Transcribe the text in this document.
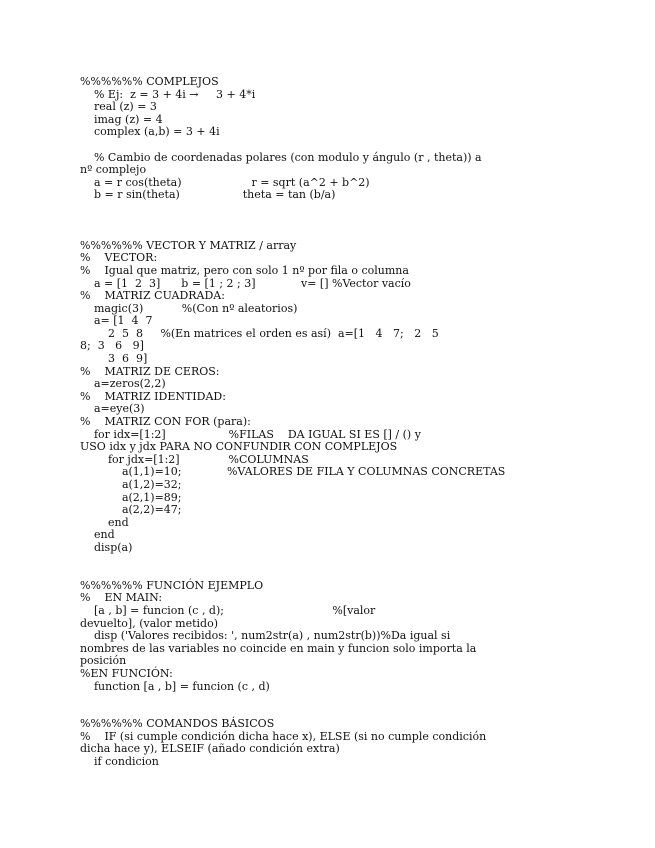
%%%%%% COMPLEJOS
% Ej:  z = 3 + 4i →     3 + 4*i
real (z) = 3
imag (z) = 4
complex (a,b) = 3 + 4i
% Cambio de coordenadas polares (con modulo y ángulo (r , theta)) a
nº complejo
a = r cos(theta)                    r = sqrt (a^2 + b^2)
b = r sin(theta)                  theta = tan (b/a)
%%%%%% VECTOR Y MATRIZ / array
%    VECTOR:
%    Igual que matriz, pero con solo 1 nº por fila o columna
a = [1  2  3]      b = [1 ; 2 ; 3]             v= [] %Vector vacío
%    MATRIZ CUADRADA:
magic(3)           %(Con nº aleatorios)
a= [1  4  7
2  5  8     %(En matrices el orden es así)  a=[1   4   7;   2   5
8;  3   6   9]
3  6  9]
%    MATRIZ DE CEROS:
a=zeros(2,2)
%    MATRIZ IDENTIDAD:
a=eye(3)
%    MATRIZ CON FOR (para):
for idx=[1:2]                  %FILAS    DA IGUAL SI ES [] / () y
USO idx y jdx PARA NO CONFUNDIR CON COMPLEJOS
for jdx=[1:2]              %COLUMNAS
a(1,1)=10;             %VALORES DE FILA Y COLUMNAS CONCRETAS
a(1,2)=32;
a(2,1)=89;
a(2,2)=47;
end
end
disp(a)
%%%%%% FUNCIÓN EJEMPLO
%    EN MAIN:
[a , b] = funcion (c , d);                               %[valor
devuelto], (valor metido)
disp ('Valores recibidos: ', num2str(a) , num2str(b))%Da igual si
nombres de las variables no coincide en main y funcion solo importa la
posición
%EN FUNCIÓN:
function [a , b] = funcion (c , d)
%%%%%% COMANDOS BÁSICOS
%    IF (si cumple condición dicha hace x), ELSE (si no cumple condición
dicha hace y), ELSEIF (añado condición extra)
if condicion
